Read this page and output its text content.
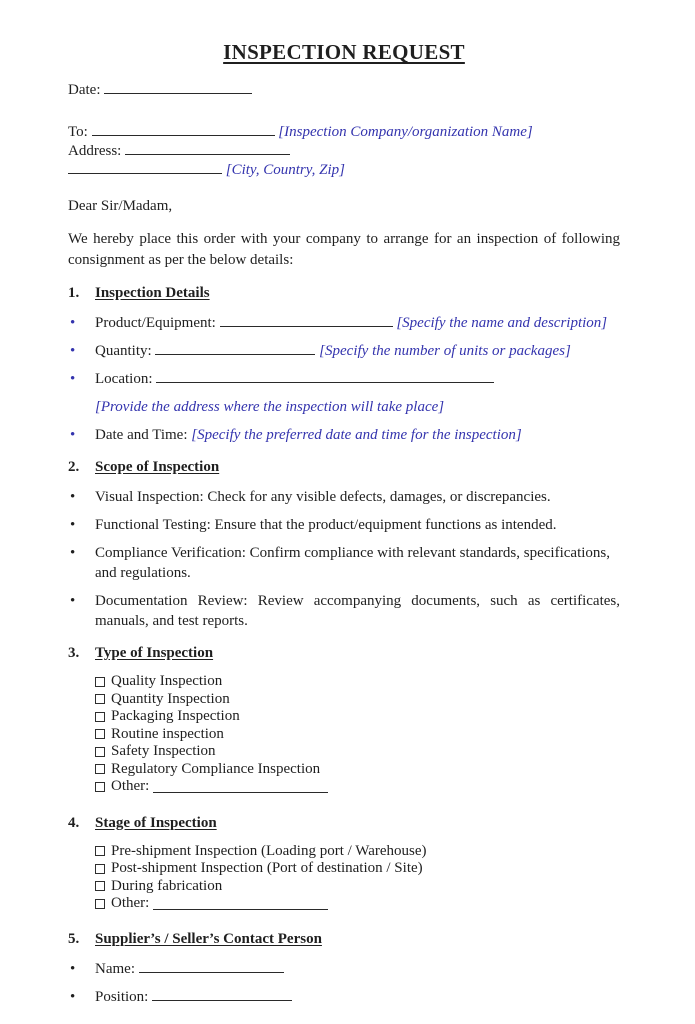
INSPECTION REQUEST
Date:
To:	[Inspection Company/organization Name]
Address:
[City, Country, Zip]

Dear Sir/Madam,

We hereby place this order with your company to arrange for an inspection of following consignment as per the below details:

1.	Inspection Details
• Product/Equipment:	[Specify the name and description]
• Quantity:	[Specify the number of units or packages]
• Location:
[Provide the address where the inspection will take place]
• Date and Time: [Specify the preferred date and time for the inspection]
2.	Scope of Inspection
• Visual Inspection: Check for any visible defects, damages, or discrepancies.
• Functional Testing: Ensure that the product/equipment functions as intended.
• Compliance Verification: Confirm compliance with relevant standards, specifications, and regulations.
• Documentation Review: Review accompanying documents, such as certificates, manuals, and test reports.
3.	Type of Inspection
Quality Inspection
Quantity Inspection
Packaging Inspection
Routine inspection
Safety Inspection
Regulatory Compliance Inspection
Other:
4.	Stage of Inspection
Pre-shipment Inspection (Loading port / Warehouse)
Post-shipment Inspection (Port of destination / Site)
During fabrication
Other:
5.	Supplier’s / Seller’s Contact Person
• Name:
• Position:
